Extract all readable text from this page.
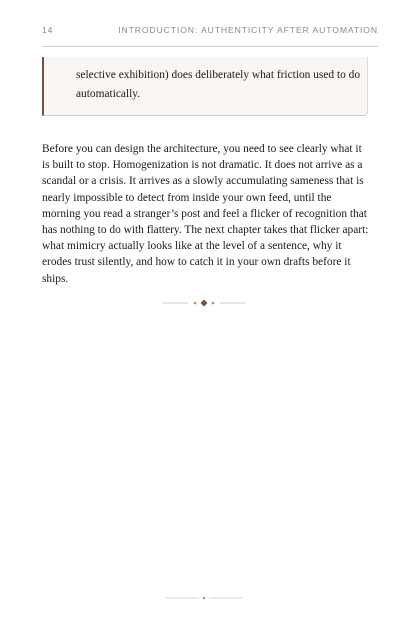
14	INTRODUCTION: AUTHENTICITY AFTER AUTOMATION
selective exhibition) does deliberately what friction used to do automatically.

Before you can design the architecture, you need to see clearly what it is built to stop. Homogenization is not dramatic. It does not arrive as a scandal or a crisis. It arrives as a slowly accumulating sameness that is nearly impossible to detect from inside your own feed, until the morning you read a stranger’s post and feel a flicker of recognition that has nothing to do with flattery. The next chapter takes that flicker apart: what mimicry actually looks like at the level of a sentence, why it erodes trust silently, and how to catch it in your own drafts before it ships.
